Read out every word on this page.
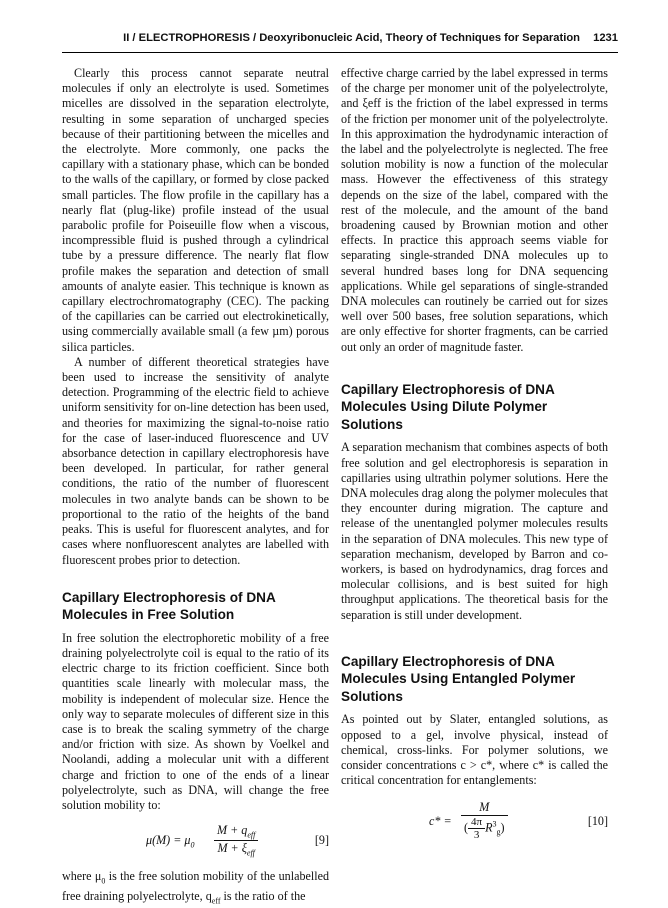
II / ELECTROPHORESIS / Deoxyribonucleic Acid, Theory of Techniques for Separation 1231

Clearly this process cannot separate neutral molecules if only an electrolyte is used. Sometimes micelles are dissolved in the separation electrolyte, resulting in some separation of uncharged species because of their partitioning between the micelles and the electrolyte. More commonly, one packs the capillary with a stationary phase, which can be bonded to the walls of the capillary, or formed by close packed small particles. The flow profile in the capillary has a nearly flat (plug-like) profile instead of the usual parabolic profile for Poiseuille flow when a viscous, incompressible fluid is pushed through a cylindrical tube by a pressure difference. The nearly flat flow profile makes the separation and detection of small amounts of analyte easier. This technique is known as capillary electrochromatography (CEC). The packing of the capillaries can be carried out electrokinetically, using commercially available small (a few µm) porous silica particles.

A number of different theoretical strategies have been used to increase the sensitivity of analyte detection. Programming of the electric field to achieve uniform sensitivity for on-line detection has been used, and theories for maximizing the signal-to-noise ratio for the case of laser-induced fluorescence and UV absorbance detection in capillary electrophoresis have been developed. In particular, for rather general conditions, the ratio of the number of fluorescent molecules in two analyte bands can be shown to be proportional to the ratio of the heights of the band peaks. This is useful for fluorescent analytes, and for cases where nonfluorescent analytes are labelled with fluorescent probes prior to detection.

Capillary Electrophoresis of DNA Molecules in Free Solution

In free solution the electrophoretic mobility of a free draining polyelectrolyte coil is equal to the ratio of its electric charge to its friction coefficient. Since both quantities scale linearly with molecular mass, the mobility is independent of molecular size. Hence the only way to separate molecules of different size in this case is to break the scaling symmetry of the charge and/or friction with size. As shown by Voelkel and Noolandi, adding a molecular unit with a different charge and friction to one of the ends of a linear polyelectrolyte, such as DNA, will change the free solution mobility to:

$\mu(M) = \mu_0$
$M + q_{eff}$
$M + \xi_{eff}$
[9]

where $\mu_0$ is the free solution mobility of the unlabelled free draining polyelectrolyte, $q_{eff}$ is the ratio of the

effective charge carried by the label expressed in terms of the charge per monomer unit of the polyelectrolyte, and ξeff is the friction of the label expressed in terms of the friction per monomer unit of the polyelectrolyte. In this approximation the hydrodynamic interaction of the label and the polyelectrolyte is neglected. The free solution mobility is now a function of the molecular mass. However the effectiveness of this strategy depends on the size of the label, compared with the rest of the molecule, and the amount of the band broadening caused by Brownian motion and other effects. In practice this approach seems viable for separating single-stranded DNA molecules up to several hundred bases long for DNA sequencing applications. While gel separations of single-stranded DNA molecules can routinely be carried out for sizes well over 500 bases, free solution separations, which are only effective for shorter fragments, can be carried out only an order of magnitude faster.

Capillary Electrophoresis of DNA Molecules Using Dilute Polymer Solutions

A separation mechanism that combines aspects of both free solution and gel electrophoresis is separation in capillaries using ultrathin polymer solutions. Here the DNA molecules drag along the polymer molecules that they encounter during migration. The capture and release of the unentangled polymer molecules results in the separation of DNA molecules. This new type of separation mechanism, developed by Barron and co-workers, is based on hydrodynamics, drag forces and molecular collisions, and is best suited for high throughput applications. The theoretical basis for the separation is still under development.

Capillary Electrophoresis of DNA Molecules Using Entangled Polymer Solutions

As pointed out by Slater, entangled solutions, as opposed to a gel, involve physical, instead of chemical, cross-links. For polymer solutions, we consider concentrations c > c*, where c* is called the critical concentration for entanglements:

$c* = \frac{M}{( \frac{4\pi}{3} R^3_g)}$	[10]
